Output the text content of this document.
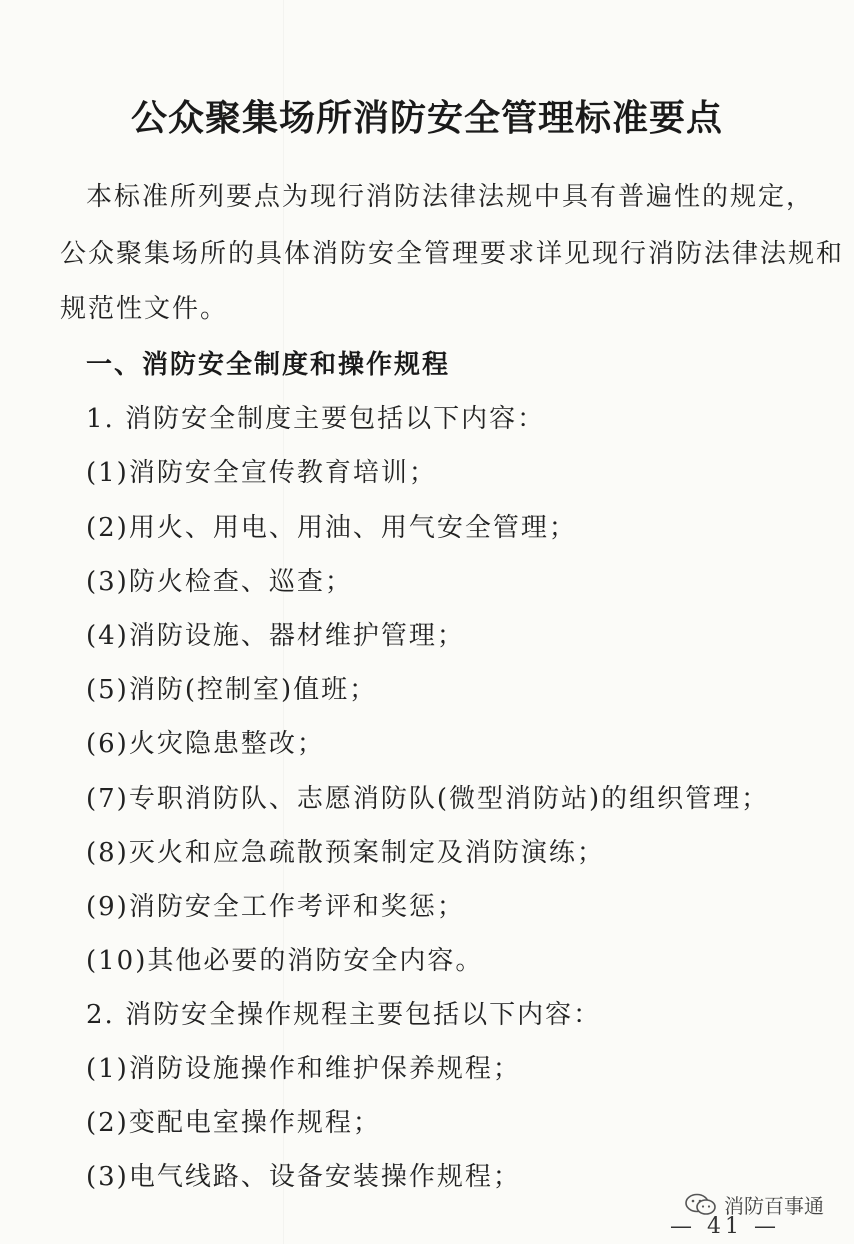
公众聚集场所消防安全管理标准要点
本标准所列要点为现行消防法律法规中具有普遍性的规定，
公众聚集场所的具体消防安全管理要求详见现行消防法律法规和
规范性文件。
一、消防安全制度和操作规程
1. 消防安全制度主要包括以下内容：
(1)消防安全宣传教育培训；
(2)用火、用电、用油、用气安全管理；
(3)防火检查、巡查；
(4)消防设施、器材维护管理；
(5)消防(控制室)值班；
(6)火灾隐患整改；
(7)专职消防队、志愿消防队(微型消防站)的组织管理；
(8)灭火和应急疏散预案制定及消防演练；
(9)消防安全工作考评和奖惩；
(10)其他必要的消防安全内容。
2. 消防安全操作规程主要包括以下内容：
(1)消防设施操作和维护保养规程；
(2)变配电室操作规程；
(3)电气线路、设备安装操作规程；
消防百事通
— 41 —
